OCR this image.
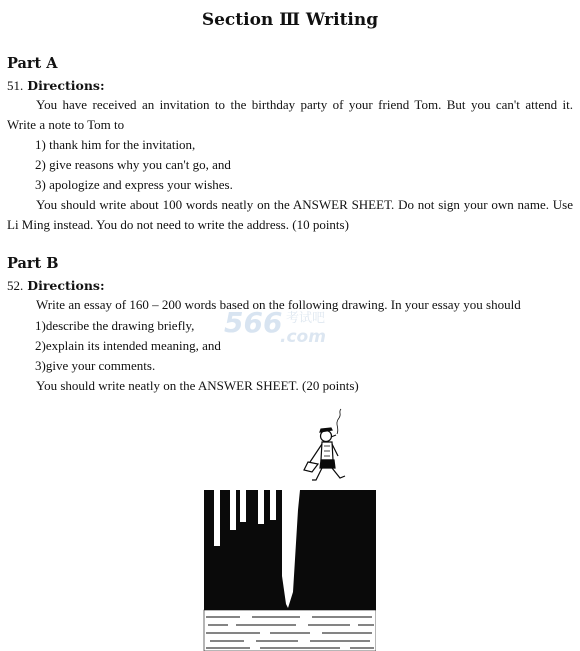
Section Ⅲ Writing
Part A
51. Directions:
You have received an invitation to the birthday party of your friend Tom. But you can't attend it.
Write a note to Tom to
1) thank him for the invitation,
2) give reasons why you can't go, and
3) apologize and express your wishes.
You should write about 100 words neatly on the ANSWER SHEET. Do not sign your own name. Use
Li Ming instead. You do not need to write the address. (10 points)
Part B
52. Directions:
Write an essay of 160 – 200 words based on the following drawing. In your essay you should
1)describe the drawing briefly,
2)explain its intended meaning, and
3)give your comments.
You should write neatly on the ANSWER SHEET. (20 points)
566 考试吧
.com
